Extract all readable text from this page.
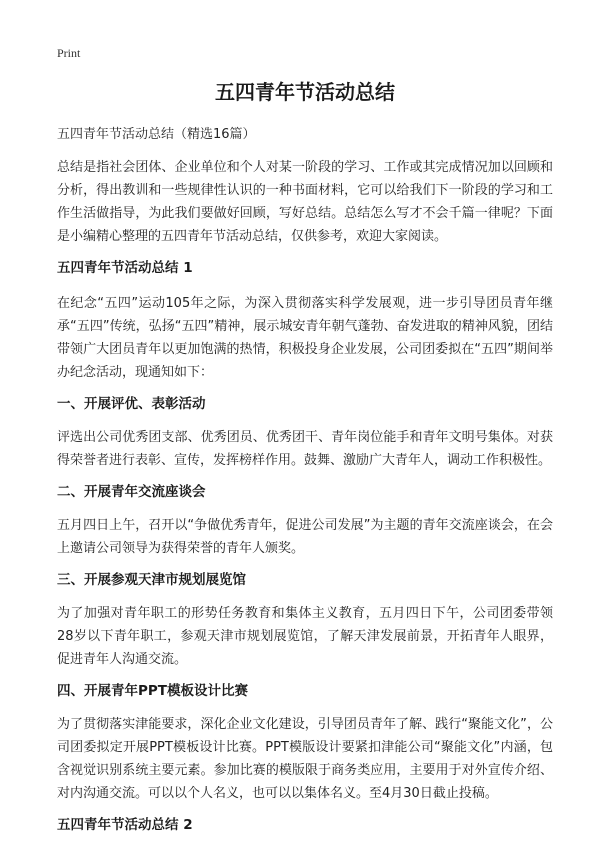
Print
五四青年节活动总结
五四青年节活动总结（精选16篇）
总结是指社会团体、企业单位和个人对某一阶段的学习、工作或其完成情况加以回顾和分析，得出教训和一些规律性认识的一种书面材料，它可以给我们下一阶段的学习和工作生活做指导，为此我们要做好回顾，写好总结。总结怎么写才不会千篇一律呢？下面是小编精心整理的五四青年节活动总结，仅供参考，欢迎大家阅读。
五四青年节活动总结 1
在纪念“五四”运动105年之际，为深入贯彻落实科学发展观，进一步引导团员青年继承“五四”传统，弘扬“五四”精神，展示城安青年朝气蓬勃、奋发进取的精神风貌，团结带领广大团员青年以更加饱满的热情，积极投身企业发展，公司团委拟在“五四”期间举办纪念活动，现通知如下：
一、开展评优、表彰活动
评选出公司优秀团支部、优秀团员、优秀团干、青年岗位能手和青年文明号集体。对获得荣誉者进行表彰、宣传，发挥榜样作用。鼓舞、激励广大青年人，调动工作积极性。
二、开展青年交流座谈会
五月四日上午，召开以“争做优秀青年，促进公司发展”为主题的青年交流座谈会，在会上邀请公司领导为获得荣誉的青年人颁奖。
三、开展参观天津市规划展览馆
为了加强对青年职工的形势任务教育和集体主义教育，五月四日下午，公司团委带领28岁以下青年职工，参观天津市规划展览馆，了解天津发展前景，开拓青年人眼界，促进青年人沟通交流。
四、开展青年PPT模板设计比赛
为了贯彻落实津能要求，深化企业文化建设，引导团员青年了解、践行“聚能文化”，公司团委拟定开展PPT模板设计比赛。PPT模版设计要紧扣津能公司“聚能文化”内涵，包含视觉识别系统主要元素。参加比赛的模版限于商务类应用，主要用于对外宣传介绍、对内沟通交流。可以以个人名义，也可以以集体名义。至4月30日截止投稿。
五四青年节活动总结 2
